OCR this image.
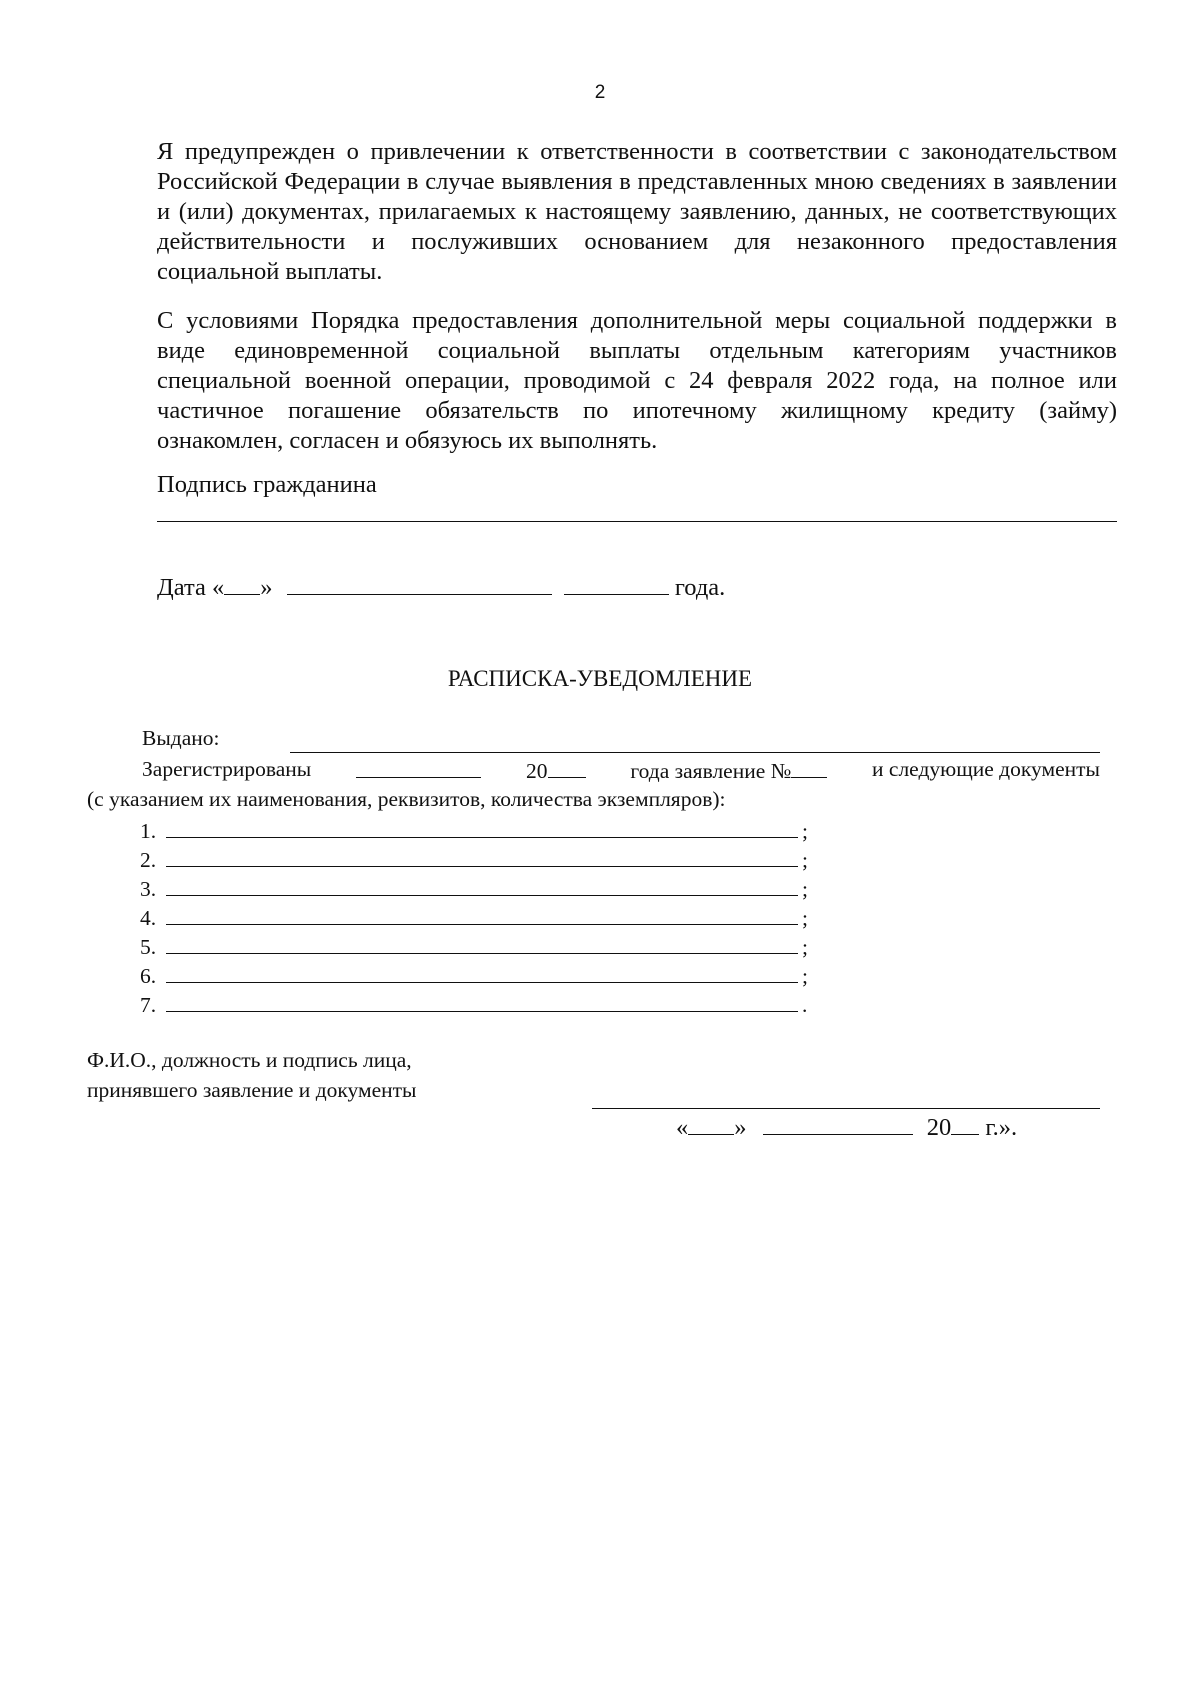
2
Я предупрежден о привлечении к ответственности в соответствии с законодательством Российской Федерации в случае выявления в представленных мною сведениях в заявлении и (или) документах, прилагаемых к настоящему заявлению, данных, не соответствующих действительности и послуживших основанием для незаконного предоставления социальной выплаты.
С условиями Порядка предоставления дополнительной меры социальной поддержки в виде единовременной социальной выплаты отдельным категориям участников специальной военной операции, проводимой с 24 февраля 2022 года, на полное или частичное погашение обязательств по ипотечному жилищному кредиту (займу) ознакомлен, согласен и обязуюсь их выполнять.
Подпись гражданина
Дата « »	года.
РАСПИСКА-УВЕДОМЛЕНИЕ
Выдано:
Зарегистрированы	20	года заявление №	и следующие документы
(с указанием их наименования, реквизитов, количества экземпляров):
1.	;
2.	;
3.	;
4.	;
5.	;
6.	;
7.	.
Ф.И.О., должность и подпись лица,
принявшего заявление и документы
« »	20 г.».
